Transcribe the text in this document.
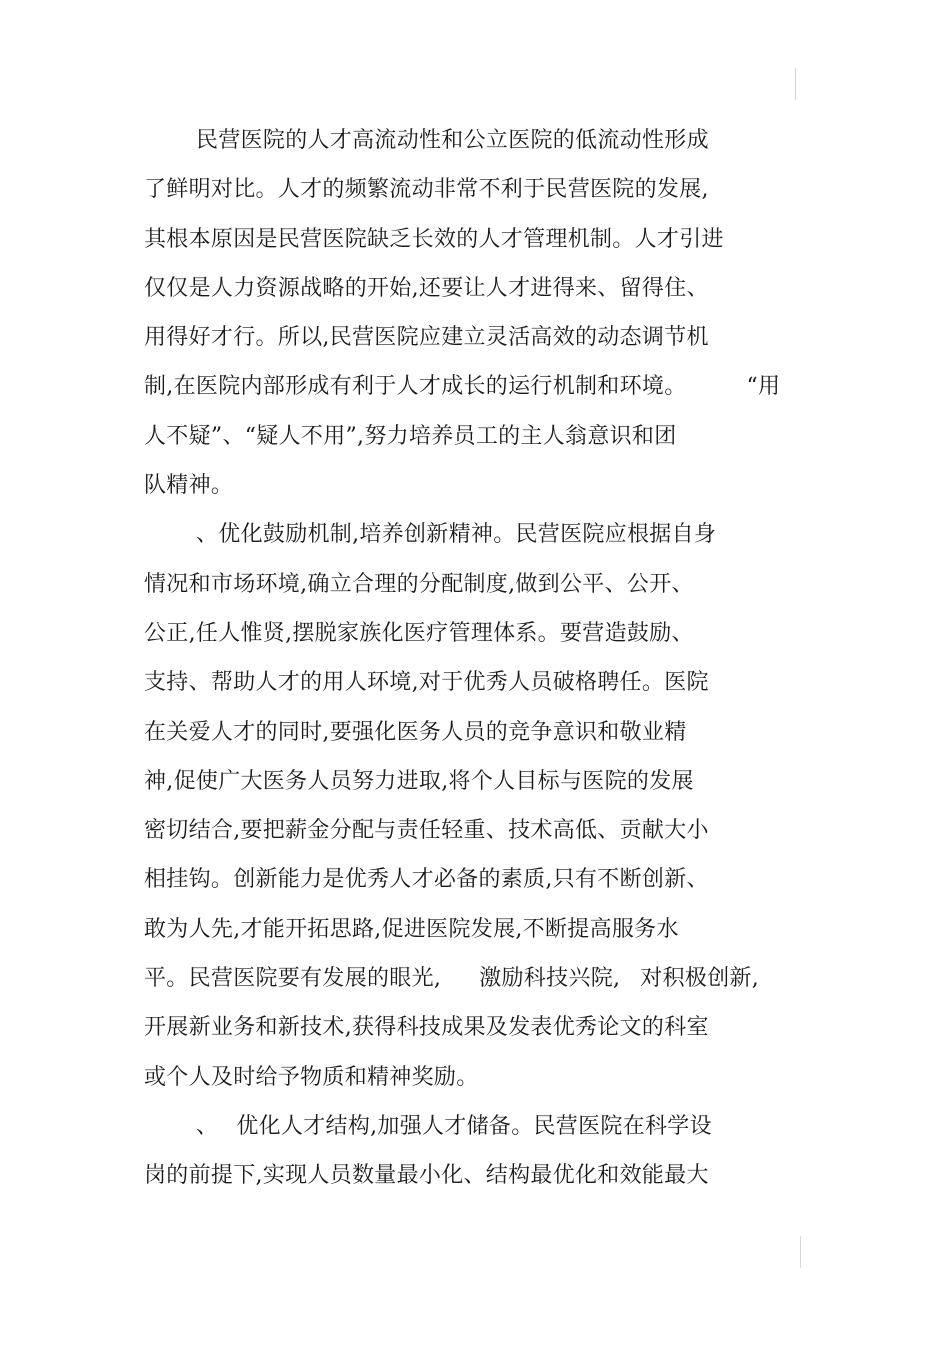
民营医院的人才高流动性和公立医院的低流动性形成
了鲜明对比。人才的频繁流动非常不利于民营医院的发展,
其根本原因是民营医院缺乏长效的人才管理机制。人才引进
仅仅是人力资源战略的开始,还要让人才进得来、留得住、
用得好才行。所以,民营医院应建立灵活高效的动态调节机
制,在医院内部形成有利于人才成长的运行机制和环境。	“用
人不疑”、“疑人不用”,努力培养员工的主人翁意识和团
队精神。
、优化鼓励机制,培养创新精神。民营医院应根据自身
情况和市场环境,确立合理的分配制度,做到公平、公开、
公正,任人惟贤,摆脱家族化医疗管理体系。要营造鼓励、
支持、帮助人才的用人环境,对于优秀人员破格聘任。医院
在关爱人才的同时,要强化医务人员的竞争意识和敬业精
神,促使广大医务人员努力进取,将个人目标与医院的发展
密切结合,要把薪金分配与责任轻重、技术高低、贡献大小
相挂钩。创新能力是优秀人才必备的素质,只有不断创新、
敢为人先,才能开拓思路,促进医院发展,不断提高服务水
平。民营医院要有发展的眼光, 激励科技兴院, 对积极创新,
开展新业务和新技术,获得科技成果及发表优秀论文的科室
或个人及时给予物质和精神奖励。
、 优化人才结构,加强人才储备。民营医院在科学设
岗的前提下,实现人员数量最小化、结构最优化和效能最大
